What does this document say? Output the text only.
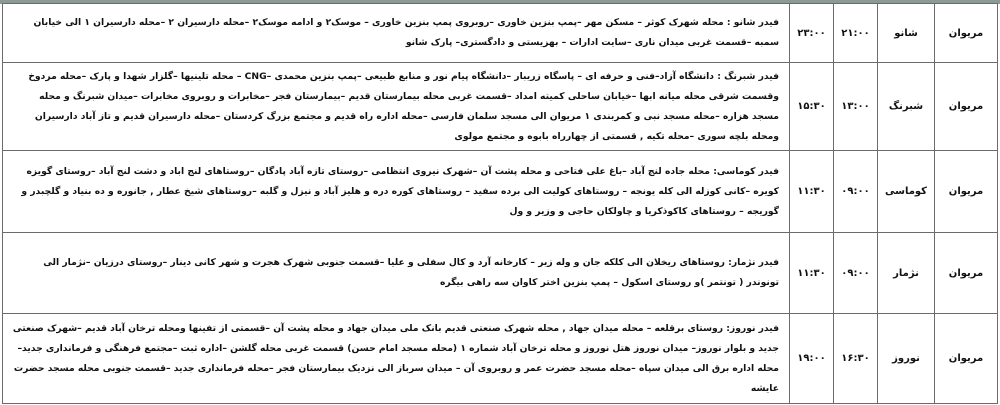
مریوان	شانو	۲۱:۰۰	۲۳:۰۰	فیدر شانو : محله شهرک کوثر – مسکن مهر –پمپ بنزین خاوری –روبروی پمپ بنزین خاوری – موسک۲ و ادامه موسک۲ –محله دارسیران ۲ –محله دارسیران ۱ الی خیابان سمبه –قسمت غربی میدان ناری –سایت ادارات – بهزیستی و دادگستری– پارک شانو
مریوان	شبرنگ	۱۳:۰۰	۱۵:۳۰	فیدر شبرنگ : دانشگاه آزاد–فنی و حرفه ای – پاسگاه زریبار –دانشگاه پیام نور و منابع طبیعی –پمپ بنزین محمدی –CNG – محله تلینیها –گلزار شهدا و پارک –محله مردوخ وقسمت شرقی محله میانه ابها –خیابان ساحلی کمیته امداد –قسمت غربی محله بیمارستان قدیم –بیمارستان فجر –مخابرات و روبروی مخابرات –میدان شبرنگ و محله مسجد هزاره –محله مسجد نبی و کمربندی ۱ مریوان الی مسجد سلمان فارسی –محله اداره راه قدیم و مجتمع بزرگ کردستان –محله دارسیران قدیم و تاز آباد دارسیران ومحله بلچه سوری –محله تکیه , قسمتی از چهارراه بابوه و مجتمع مولوی
مریوان	کوماسی	۰۹:۰۰	۱۱:۳۰	فیدر کوماسی: محله جاده لنج آباد –باغ علی فتاحی و محله پشت آن –شهرک نیروی انتظامی –روستای تازه آباد پادگان –روستاهای لنج اباد و دشت لنج آباد –روستای گویزه کویره –کانی کوزله الی کله یونجه – روستاهای کولیت الی برده سفید – روستاهای کوره دره و هلیز آباد و نیزل و گلبه –روستاهای شیخ عطار , جانوره و ده بنیاد و گلچبدر و گوریجه – روستاهای کاکوذکریا و چاولکان حاجی و وزیر و ول
مریوان	نژمار	۰۹:۰۰	۱۱:۳۰	فیدر نژمار: روستاهای ریخلان الی کلکه جان و وله زیر – کارخانه آرد و کال سفلی و علیا –قسمت جنوبی شهرک هجرت و شهر کانی دینار –روستای درزیان –نژمار الی تونوندر ( تونتمر )و روستای اسکول – پمپ بنزین اختر کاوان سه راهی بیگره
مریوان	نوروز	۱۶:۳۰	۱۹:۰۰	فیدر نوروز: روستای برقلعه – محله میدان جهاد , محله شهرک صنعتی قدیم بانک ملی میدان جهاد و محله پشت آن –قسمتی از تفینها ومحله ترخان آباد قدیم –شهرک صنعتی جدید و بلوار نوروز– میدان نوروز هتل نوروز و محله ترخان آباد شماره ۱ (محله مسجد امام حسن) قسمت غربی محله گلشن –اداره ثبت –مجتمع فرهنگی و فرمانداری جدید– محله اداره برق الی میدان سپاه –محله مسجد حضرت عمر و روبروی آن – میدان سرباز الی نزدیک بیمارستان فجر –محله فرمانداری جدید –قسمت جنوبی محله مسجد حضرت عایشه
